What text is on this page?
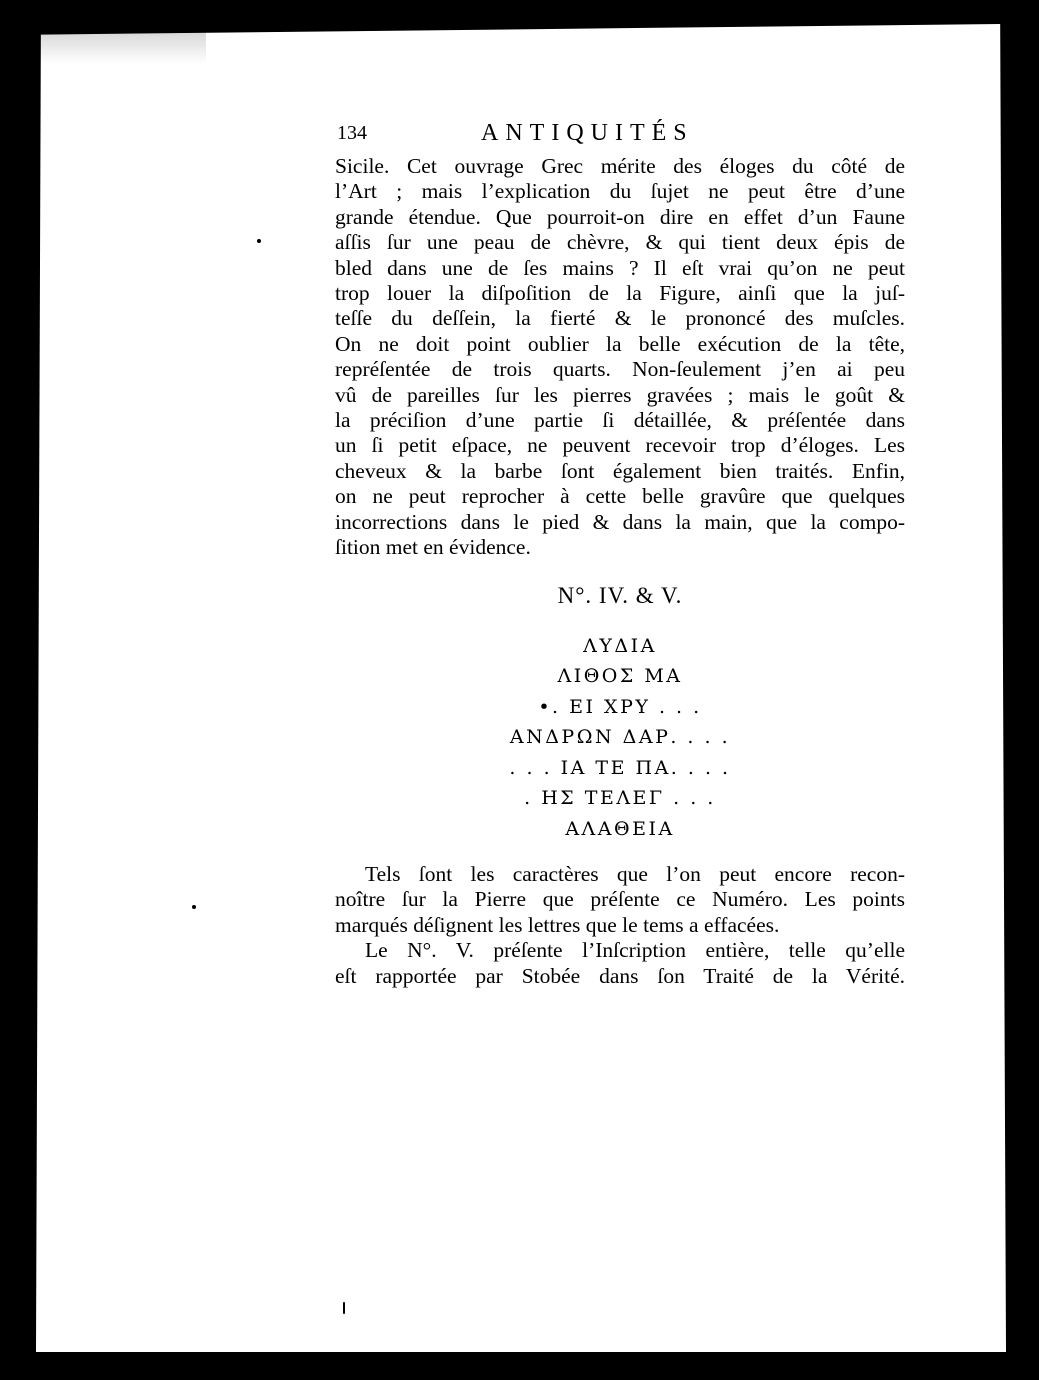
134	ANTIQUITÉS

Sicile. Cet ouvrage Grec mérite des éloges du côté de
l’Art ; mais l’explication du ſujet ne peut être d’une
grande étendue. Que pourroit-on dire en effet d’un Faune
aſſis ſur une peau de chèvre, & qui tient deux épis de
bled dans une de ſes mains ? Il eſt vrai qu’on ne peut
trop louer la diſpoſition de la Figure, ainſi que la juſ-
teſſe du deſſein, la fierté & le prononcé des muſcles.
On ne doit point oublier la belle exécution de la tête,
repréſentée de trois quarts. Non-ſeulement j’en ai peu
vû de pareilles ſur les pierres gravées ; mais le goût &
la préciſion d’une partie ſi détaillée, & préſentée dans
un ſi petit eſpace, ne peuvent recevoir trop d’éloges. Les
cheveux & la barbe ſont également bien traités. Enfin,
on ne peut reprocher à cette belle gravûre que quelques
incorrections dans le pied & dans la main, que la compo-
ſition met en évidence.

N°. IV. & V.
ΛΥΔΙΑ
ΛΙΘΟΣ ΜΑ
•. ΕΙ ΧΡΥ . . .
ΑΝΔΡΩΝ ΔΑΡ. . . .
. . . ΙΑ ΤΕ ΠΑ. . . .
. ΗΣ ΤΕΛΕΓ . . .
ΑΛΑΘΕΙΑ

Tels ſont les caractères que l’on peut encore recon-
noître ſur la Pierre que préſente ce Numéro. Les points
marqués déſignent les lettres que le tems a effacées.

Le N°. V. préſente l’Inſcription entière, telle qu’elle
eſt rapportée par Stobée dans ſon Traité de la Vérité.
